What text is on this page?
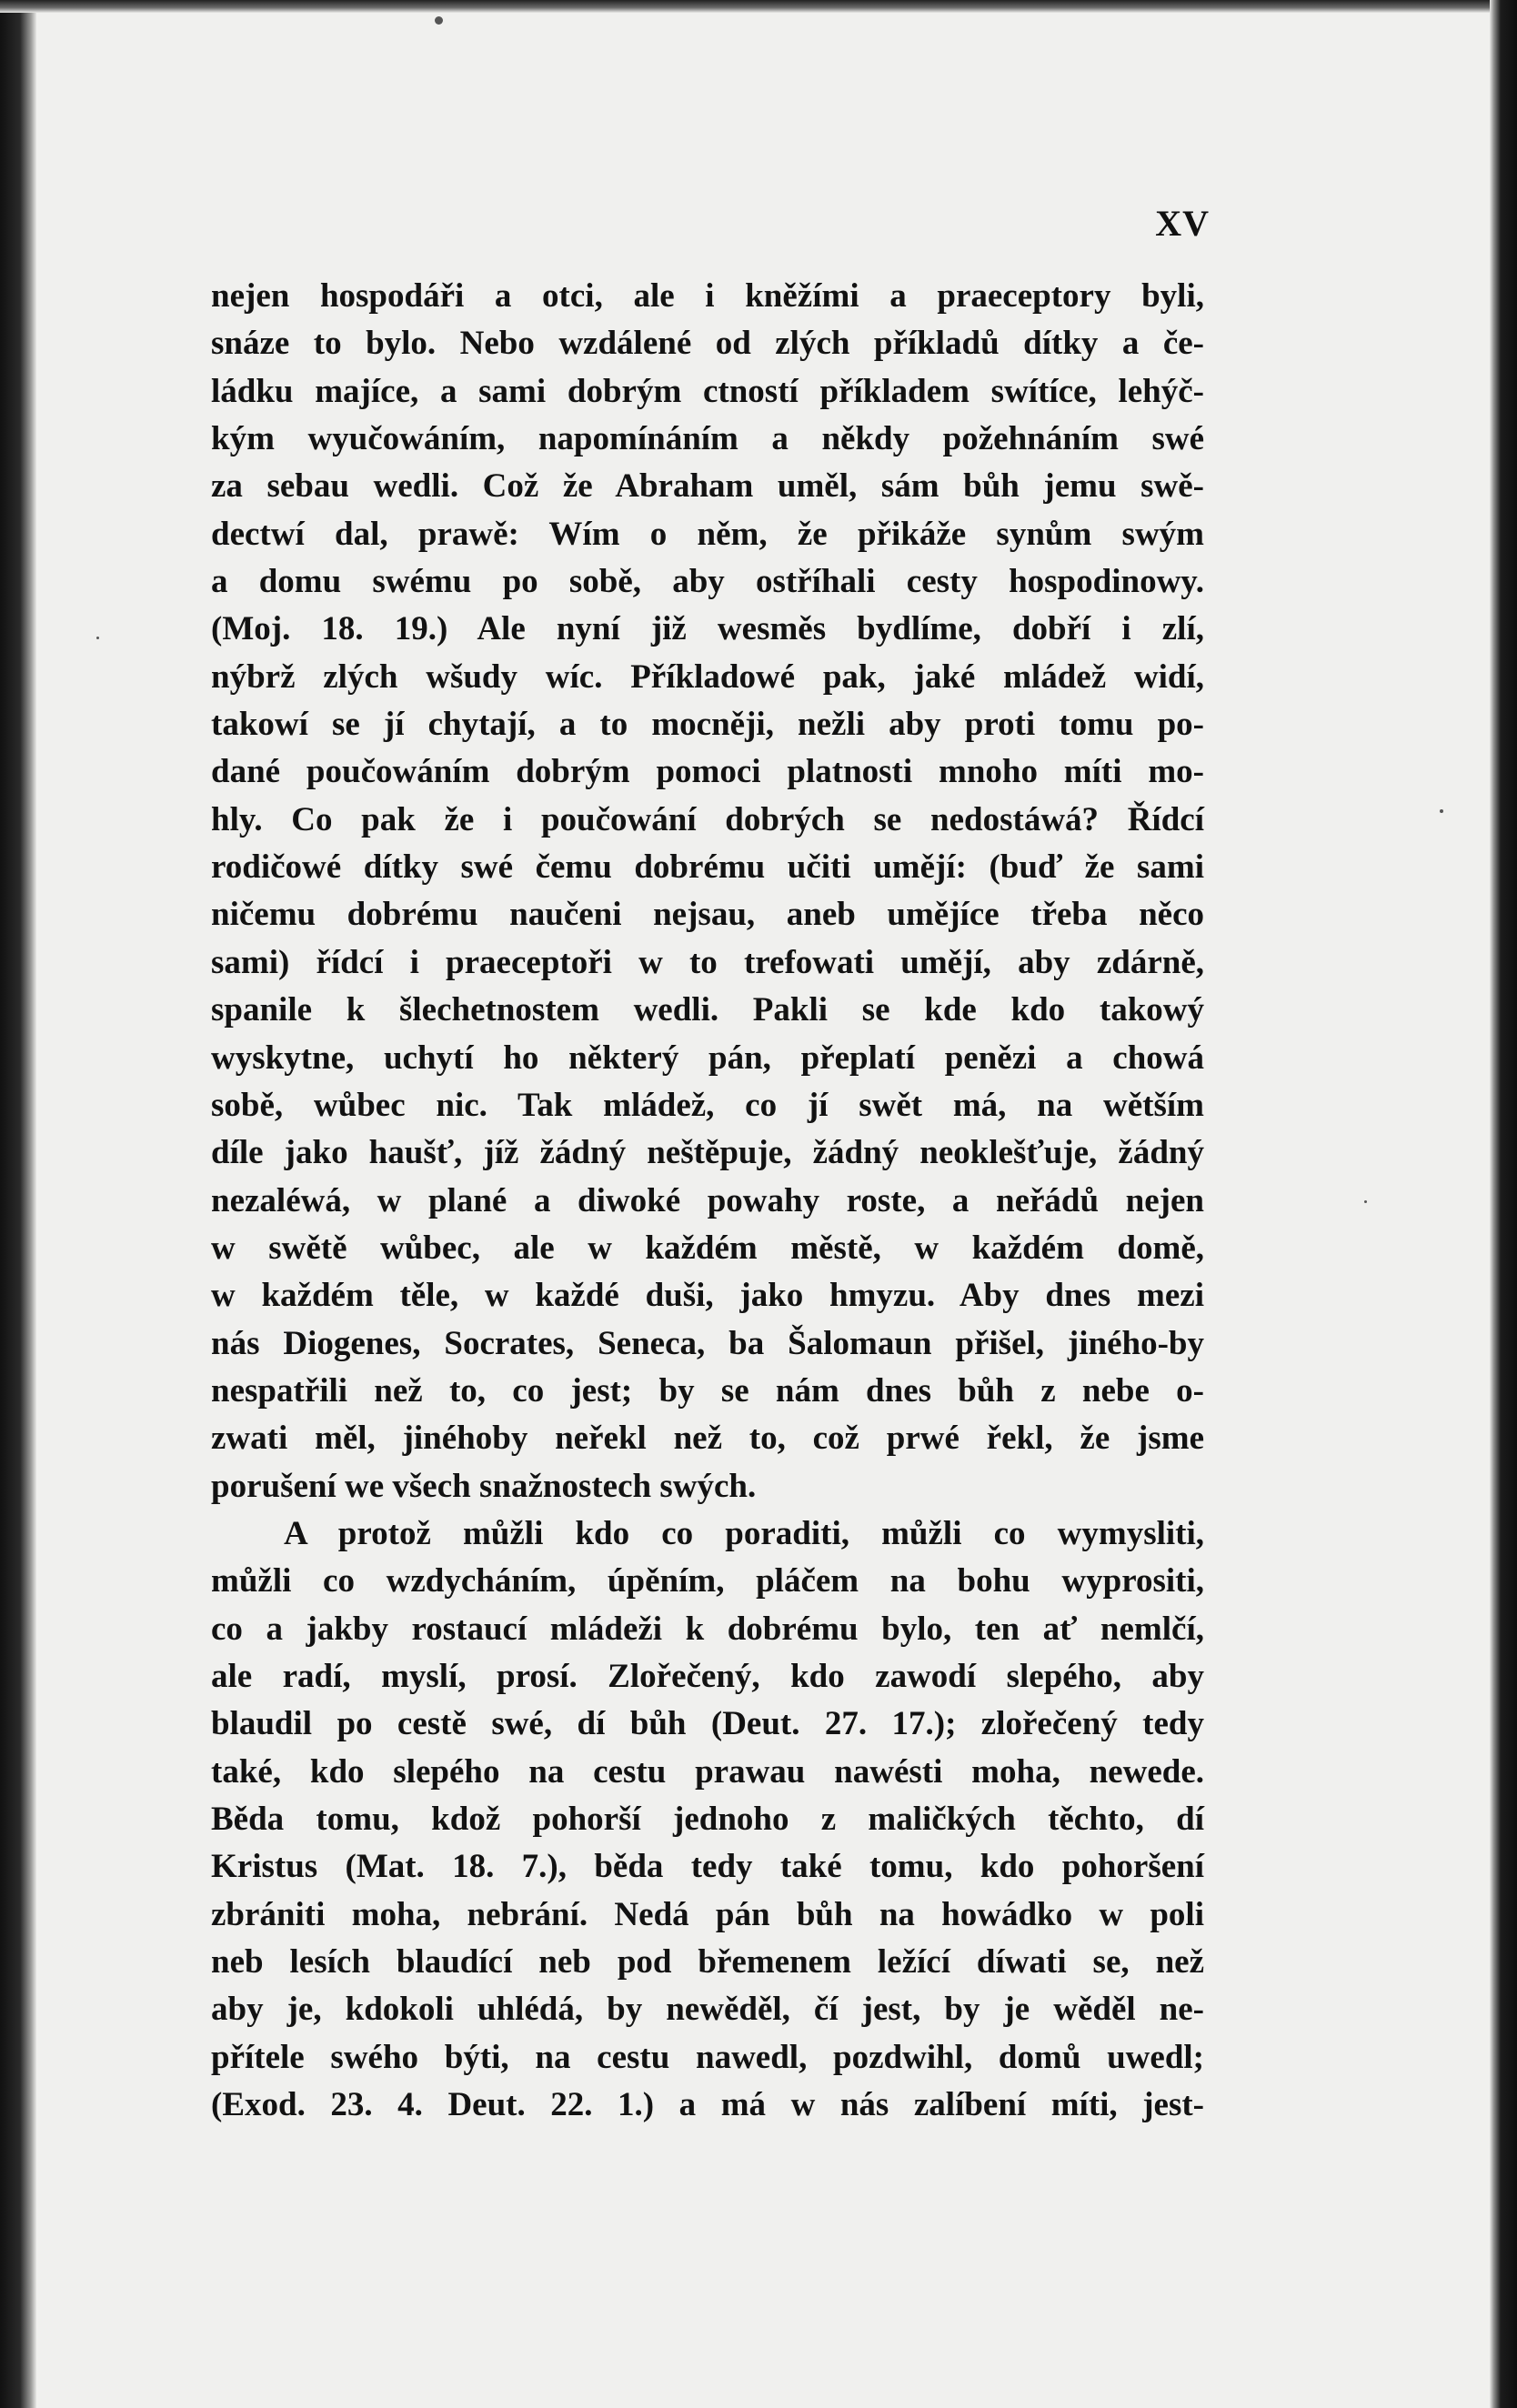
XV
nejen hospodáři a otci, ale i kněžími a praeceptory byli,
snáze to bylo. Nebo wzdálené od zlých příkladů dítky a če-
ládku majíce, a sami dobrým ctností příkladem swítíce, lehýč-
kým wyučowáním, napomínáním a někdy požehnáním swé
za sebau wedli. Což že Abraham uměl, sám bůh jemu swě-
dectwí dal, prawě: Wím o něm, že přikáže synům swým
a domu swému po sobě, aby ostříhali cesty hospodinowy.
(Moj. 18. 19.) Ale nyní již wesměs bydlíme, dobří i zlí,
nýbrž zlých wšudy wíc. Příkladowé pak, jaké mládež widí,
takowí se jí chytají, a to mocněji, nežli aby proti tomu po-
dané poučowáním dobrým pomoci platnosti mnoho míti mo-
hly. Co pak že i poučowání dobrých se nedostáwá? Řídcí
rodičowé dítky swé čemu dobrému učiti umějí: (buď že sami
ničemu dobrému naučeni nejsau, aneb umějíce třeba něco
sami) řídcí i praeceptoři w to trefowati umějí, aby zdárně,
spanile k šlechetnostem wedli. Pakli se kde kdo takowý
wyskytne, uchytí ho některý pán, přeplatí penězi a chowá
sobě, wůbec nic. Tak mládež, co jí swět má, na wětším
díle jako haušť, jíž žádný neštěpuje, žádný neoklešťuje, žádný
nezaléwá, w plané a diwoké powahy roste, a neřádů nejen
w swětě wůbec, ale w každém městě, w každém domě,
w každém těle, w každé duši, jako hmyzu. Aby dnes mezi
nás Diogenes, Socrates, Seneca, ba Šalomaun přišel, jiného-by
nespatřili než to, co jest; by se nám dnes bůh z nebe o-
zwati měl, jinéhoby neřekl než to, což prwé řekl, že jsme
porušení we všech snažnostech swých.
A protož můžli kdo co poraditi, můžli co wymysliti,
můžli co wzdycháním, úpěním, pláčem na bohu wyprositi,
co a jakby rostaucí mládeži k dobrému bylo, ten ať nemlčí,
ale radí, myslí, prosí. Zlořečený, kdo zawodí slepého, aby
blaudil po cestě swé, dí bůh (Deut. 27. 17.); zlořečený tedy
také, kdo slepého na cestu prawau nawésti moha, newede.
Běda tomu, kdož pohorší jednoho z maličkých těchto, dí
Kristus (Mat. 18. 7.), běda tedy také tomu, kdo pohoršení
zbrániti moha, nebrání. Nedá pán bůh na howádko w poli
neb lesích blaudící neb pod břemenem ležící díwati se, než
aby je, kdokoli uhlédá, by newěděl, čí jest, by je wěděl ne-
přítele swého býti, na cestu nawedl, pozdwihl, domů uwedl;
(Exod. 23. 4. Deut. 22. 1.) a má w nás zalíbení míti, jest-
